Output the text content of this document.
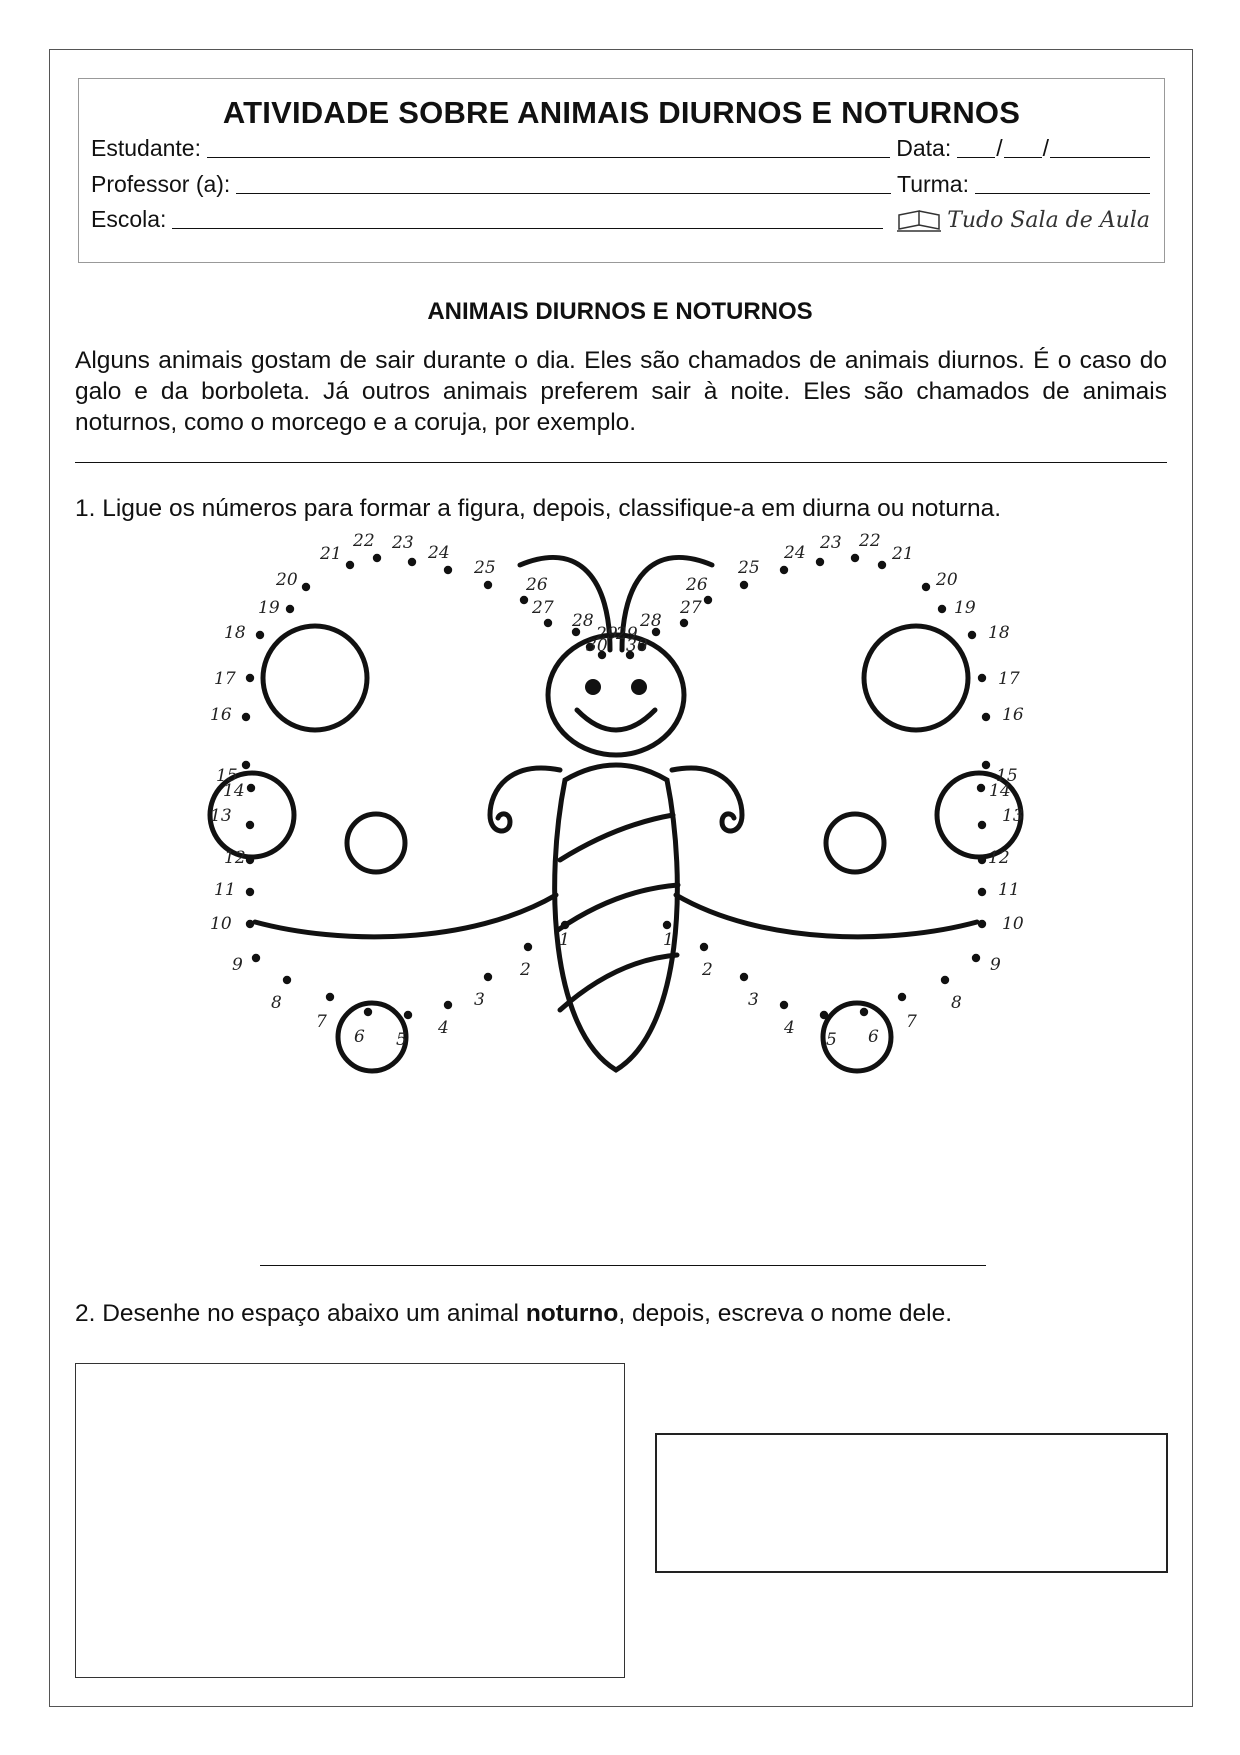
ATIVIDADE SOBRE ANIMAIS DIURNOS E NOTURNOS
Estudante:	Data: / /
Professor (a):	Turma:
Escola:	Tudo Sala de Aula
ANIMAIS DIURNOS E NOTURNOS
Alguns animais gostam de sair durante o dia. Eles são chamados de animais diurnos. É o caso do galo e da borboleta. Já outros animais preferem sair à noite. Eles são chamados de animais noturnos, como o morcego e a coruja, por exemplo.
1. Ligue os números para formar a figura, depois, classifique-a em diurna ou noturna.
1	1
2	2
3	3
4	4
5	5
6	6
7	7
8	8
9	9
10	10
11	11
12	12
13	13
14	14
15	15
16	16
17	17
18	18
19	19
20	20
21	21
22	22
23	23
24	24
25	25
26	26
27	27
28	28
29
29
30 30
2. Desenhe no espaço abaixo um animal noturno, depois, escreva o nome dele.
